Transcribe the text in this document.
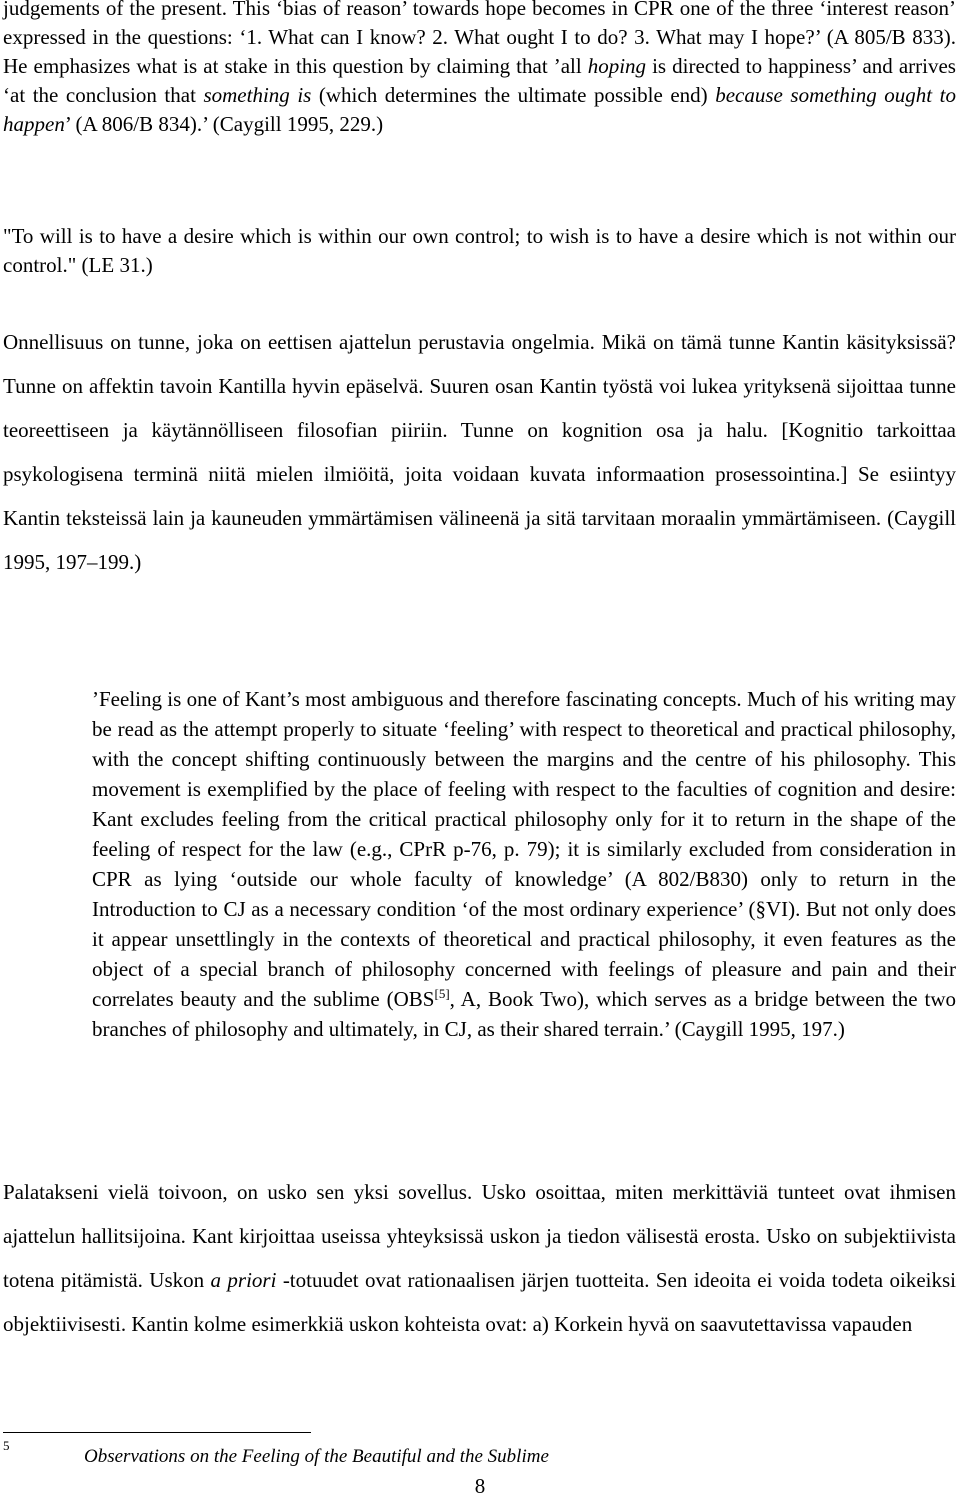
judgements of the present. This ‘bias of reason’ towards hope becomes in CPR one of the three ‘interest reason’ expressed in the questions: ‘1. What can I know? 2. What ought I to do? 3. What may I hope?’ (A 805/B 833). He emphasizes what is at stake in this question by claiming that ’all hoping is directed to happiness’ and arrives ‘at the conclusion that something is (which determines the ultimate possible end) because something ought to happen’ (A 806/B 834).’ (Caygill 1995, 229.)

"To will is to have a desire which is within our own control; to wish is to have a desire which is not within our control." (LE 31.)

Onnellisuus on tunne, joka on eettisen ajattelun perustavia ongelmia. Mikä on tämä tunne Kantin käsityksissä? Tunne on affektin tavoin Kantilla hyvin epäselvä. Suuren osan Kantin työstä voi lukea yrityksenä sijoittaa tunne teoreettiseen ja käytännölliseen filosofian piiriin. Tunne on kognition osa ja halu. [Kognitio tarkoittaa psykologisena terminä niitä mielen ilmiöitä, joita voidaan kuvata informaation prosessointina.] Se esiintyy Kantin teksteissä lain ja kauneuden ymmärtämisen välineenä ja sitä tarvitaan moraalin ymmärtämiseen. (Caygill 1995, 197–199.)

’Feeling is one of Kant’s most ambiguous and therefore fascinating concepts. Much of his writing may be read as the attempt properly to situate ‘feeling’ with respect to theoretical and practical philosophy, with the concept shifting continuously between the margins and the centre of his philosophy. This movement is exemplified by the place of feeling with respect to the faculties of cognition and desire: Kant excludes feeling from the critical practical philosophy only for it to return in the shape of the feeling of respect for the law (e.g., CPrR p-76, p. 79); it is similarly excluded from consideration in CPR as lying ‘outside our whole faculty of knowledge’ (A 802/B830) only to return in the Introduction to CJ as a necessary condition ‘of the most ordinary experience’ (§VI). But not only does it appear unsettlingly in the contexts of theoretical and practical philosophy, it even features as the object of a special branch of philosophy concerned with feelings of pleasure and pain and their correlates beauty and the sublime (OBS[5], A, Book Two), which serves as a bridge between the two branches of philosophy and ultimately, in CJ, as their shared terrain.’ (Caygill 1995, 197.)

Palatakseni vielä toivoon, on usko sen yksi sovellus. Usko osoittaa, miten merkittäviä tunteet ovat ihmisen ajattelun hallitsijoina. Kant kirjoittaa useissa yhteyksissä uskon ja tiedon välisestä erosta. Usko on subjektiivista totena pitämistä. Uskon a priori -totuudet ovat rationaalisen järjen tuotteita. Sen ideoita ei voida todeta oikeiksi objektiivisesti. Kantin kolme esimerkkiä uskon kohteista ovat: a) Korkein hyvä on saavutettavissa vapauden

5
Observations on the Feeling of the Beautiful and the Sublime
8
